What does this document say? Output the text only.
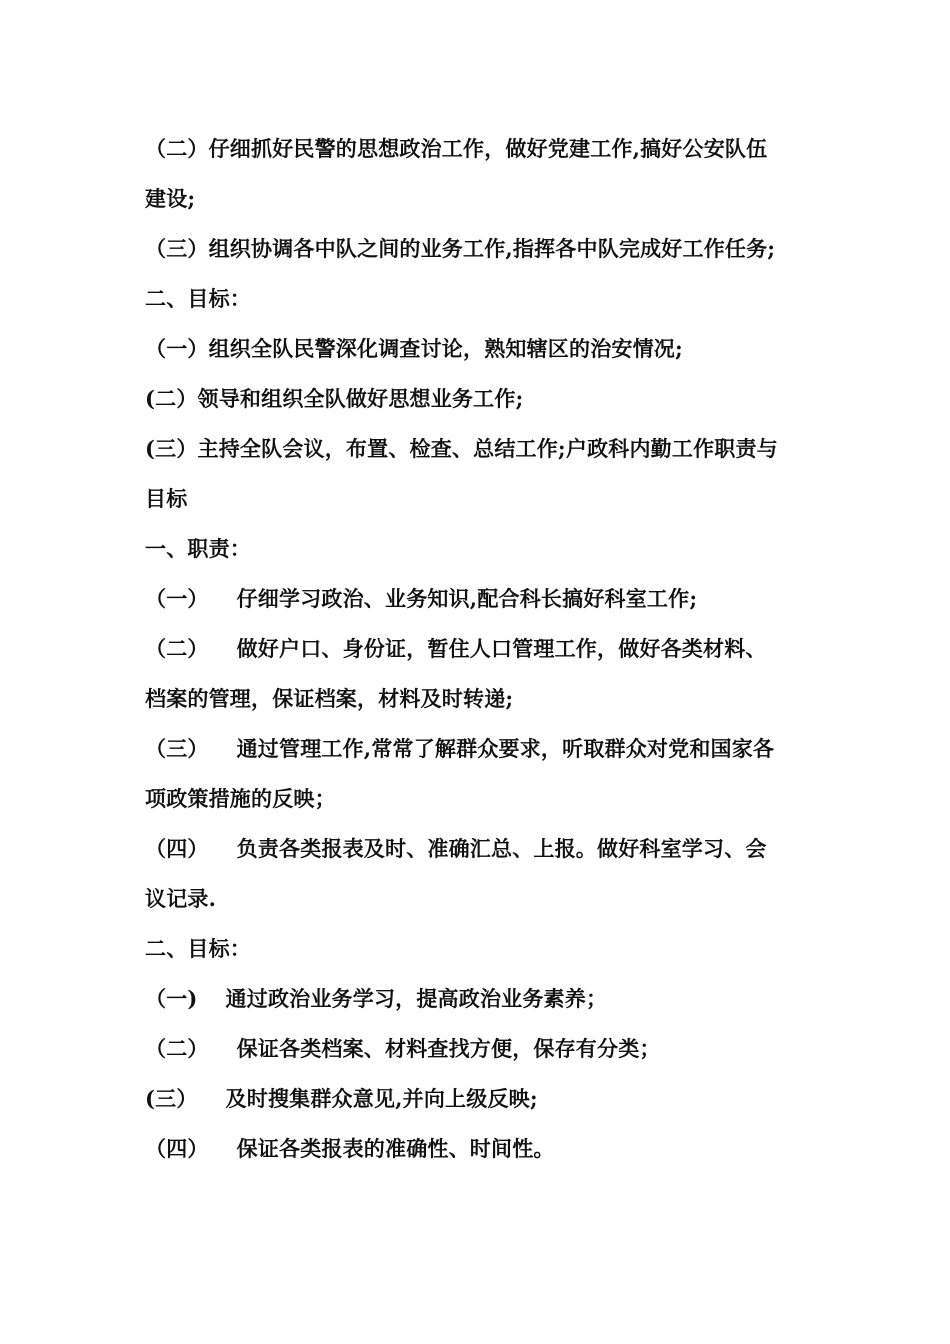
（二）仔细抓好民警的思想政治工作，做好党建工作,搞好公安队伍
建设;
（三）组织协调各中队之间的业务工作,指挥各中队完成好工作任务;
二、目标：
（一）组织全队民警深化调查讨论，熟知辖区的治安情况;
(二）领导和组织全队做好思想业务工作;
(三）主持全队会议，布置、检查、总结工作;户政科内勤工作职责与
目标
一、职责：
（一） 仔细学习政治、业务知识,配合科长搞好科室工作;
（二） 做好户口、身份证，暂住人口管理工作，做好各类材料、
档案的管理，保证档案，材料及时转递;
（三） 通过管理工作,常常了解群众要求，听取群众对党和国家各
项政策措施的反映；
（四） 负责各类报表及时、准确汇总、上报。做好科室学习、会
议记录.
二、目标：
（一) 通过政治业务学习，提高政治业务素养；
（二） 保证各类档案、材料查找方便，保存有分类；
(三） 及时搜集群众意见,并向上级反映;
（四） 保证各类报表的准确性、时间性。
